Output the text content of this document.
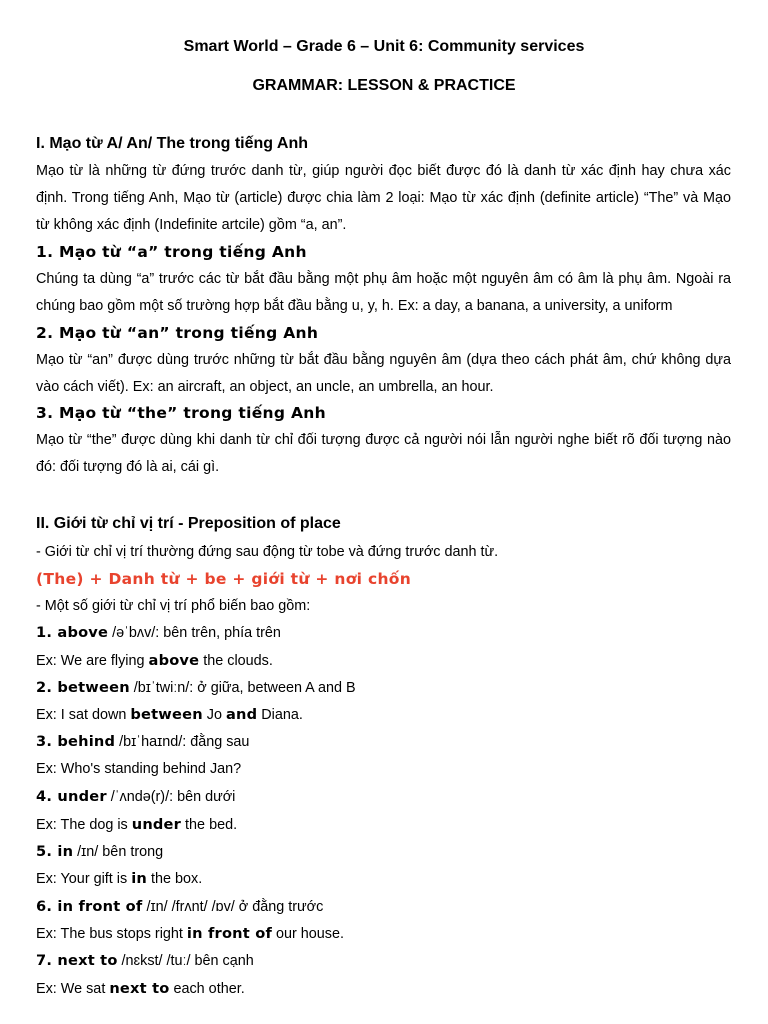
Smart World – Grade 6 – Unit 6: Community services
GRAMMAR: LESSON & PRACTICE
I. Mạo từ A/ An/ The trong tiếng Anh
Mạo từ là những từ đứng trước danh từ, giúp người đọc biết được đó là danh từ xác định hay chưa xác định. Trong tiếng Anh, Mạo từ (article) được chia làm 2 loại: Mạo từ xác định (definite article) “The” và Mạo từ không xác định (Indefinite artcile) gồm “a, an”.
1. Mạo từ “a” trong tiếng Anh
Chúng ta dùng “a” trước các từ bắt đầu bằng một phụ âm hoặc một nguyên âm có âm là phụ âm. Ngoài ra chúng bao gồm một số trường hợp bắt đầu bằng u, y, h. Ex: a day, a banana, a university, a uniform
2. Mạo từ “an” trong tiếng Anh
Mạo từ “an” được dùng trước những từ bắt đầu bằng nguyên âm (dựa theo cách phát âm, chứ không dựa vào cách viết). Ex: an aircraft, an object, an uncle, an umbrella, an hour.
3. Mạo từ “the” trong tiếng Anh
Mạo từ “the” được dùng khi danh từ chỉ đối tượng được cả người nói lẫn người nghe biết rõ đối tượng nào đó: đối tượng đó là ai, cái gì.
II. Giới từ chỉ vị trí - Preposition of place
- Giới từ chỉ vị trí thường đứng sau động từ tobe và đứng trước danh từ.
(The) + Danh từ + be + giới từ + nơi chốn
- Một số giới từ chỉ vị trí phổ biến bao gồm:
1. above /əˈbʌv/: bên trên, phía trên
Ex: We are flying above the clouds.
2. between /bɪˈtwiːn/: ở giữa, between A and B
Ex: I sat down between Jo and Diana.
3. behind /bɪˈhaɪnd/: đằng sau
Ex: Who's standing behind Jan?
4. under /ˈʌndə(r)/: bên dưới
Ex: The dog is under the bed.
5. in /ɪn/ bên trong
Ex: Your gift is in the box.
6. in front of /ɪn/ /frʌnt/ /ɒv/ ở đằng trước
Ex: The bus stops right in front of our house.
7. next to /nɛkst/ /tuː/ bên cạnh
Ex: We sat next to each other.
